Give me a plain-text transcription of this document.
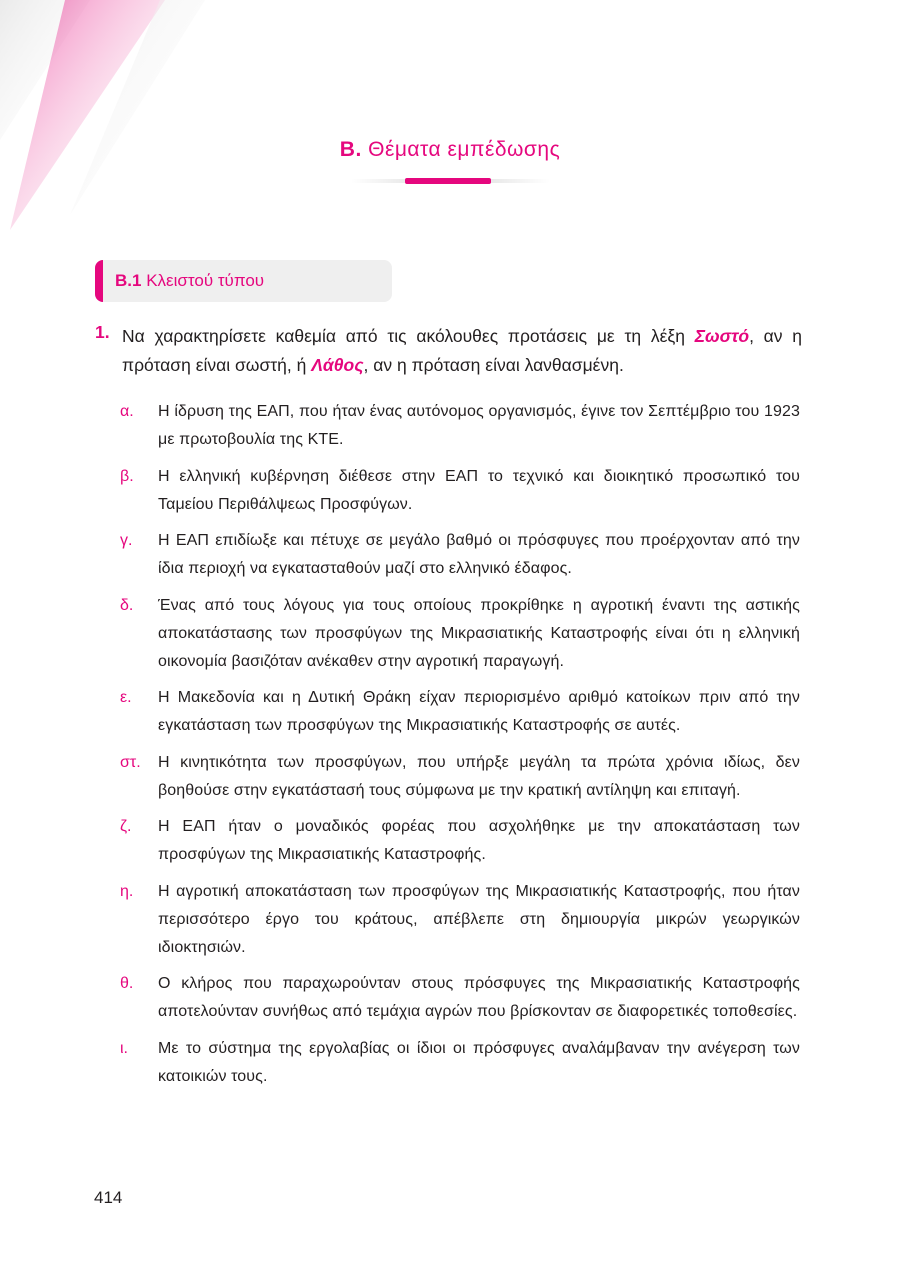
Β. Θέματα εμπέδωσης
Β.1 Κλειστού τύπου
1. Να χαρακτηρίσετε καθεμία από τις ακόλουθες προτάσεις με τη λέξη Σωστό, αν η πρόταση είναι σωστή, ή Λάθος, αν η πρόταση είναι λανθασμένη.
α. Η ίδρυση της ΕΑΠ, που ήταν ένας αυτόνομος οργανισμός, έγινε τον Σεπτέμβριο του 1923 με πρωτοβουλία της ΚΤΕ.
β. Η ελληνική κυβέρνηση διέθεσε στην ΕΑΠ το τεχνικό και διοικητικό προσωπικό του Ταμείου Περιθάλψεως Προσφύγων.
γ. Η ΕΑΠ επιδίωξε και πέτυχε σε μεγάλο βαθμό οι πρόσφυγες που προέρχονταν από την ίδια περιοχή να εγκατασταθούν μαζί στο ελληνικό έδαφος.
δ. Ένας από τους λόγους για τους οποίους προκρίθηκε η αγροτική έναντι της αστικής αποκατάστασης των προσφύγων της Μικρασιατικής Καταστροφής είναι ότι η ελληνική οικονομία βασιζόταν ανέκαθεν στην αγροτική παραγωγή.
ε. Η Μακεδονία και η Δυτική Θράκη είχαν περιορισμένο αριθμό κατοίκων πριν από την εγκατάσταση των προσφύγων της Μικρασιατικής Καταστροφής σε αυτές.
στ. Η κινητικότητα των προσφύγων, που υπήρξε μεγάλη τα πρώτα χρόνια ιδίως, δεν βοηθούσε στην εγκατάστασή τους σύμφωνα με την κρατική αντίληψη και επιταγή.
ζ. Η ΕΑΠ ήταν ο μοναδικός φορέας που ασχολήθηκε με την αποκατάσταση των προσφύγων της Μικρασιατικής Καταστροφής.
η. Η αγροτική αποκατάσταση των προσφύγων της Μικρασιατικής Καταστροφής, που ήταν περισσότερο έργο του κράτους, απέβλεπε στη δημιουργία μικρών γεωργικών ιδιοκτησιών.
θ. Ο κλήρος που παραχωρούνταν στους πρόσφυγες της Μικρασιατικής Καταστροφής αποτελούνταν συνήθως από τεμάχια αγρών που βρίσκονταν σε διαφορετικές τοποθεσίες.
ι. Με το σύστημα της εργολαβίας οι ίδιοι οι πρόσφυγες αναλάμβαναν την ανέγερση των κατοικιών τους.
414
